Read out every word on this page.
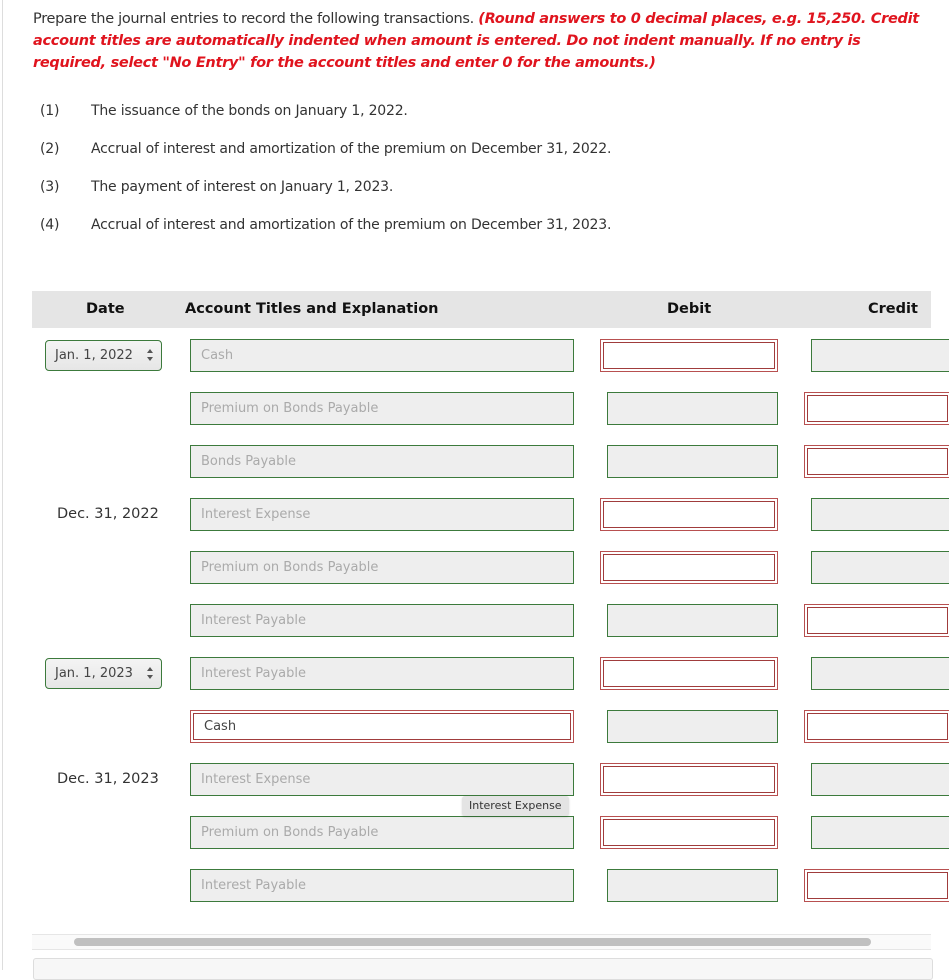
Prepare the journal entries to record the following transactions. (Round answers to 0 decimal places, e.g. 15,250. Credit account titles are automatically indented when amount is entered. Do not indent manually. If no entry is required, select "No Entry" for the account titles and enter 0 for the amounts.)
(1) The issuance of the bonds on January 1, 2022.
(2) Accrual of interest and amortization of the premium on December 31, 2022.
(3) The payment of interest on January 1, 2023.
(4) Accrual of interest and amortization of the premium on December 31, 2023.
Date	Account Titles and Explanation	Debit	Credit
Jan. 1, 2022	Cash
Premium on Bonds Payable
Bonds Payable
Dec. 31, 2022	Interest Expense
Premium on Bonds Payable
Interest Payable
Jan. 1, 2023	Interest Payable
Cash
Dec. 31, 2023	Interest Expense
Premium on Bonds Payable
Interest Payable
Interest Expense
